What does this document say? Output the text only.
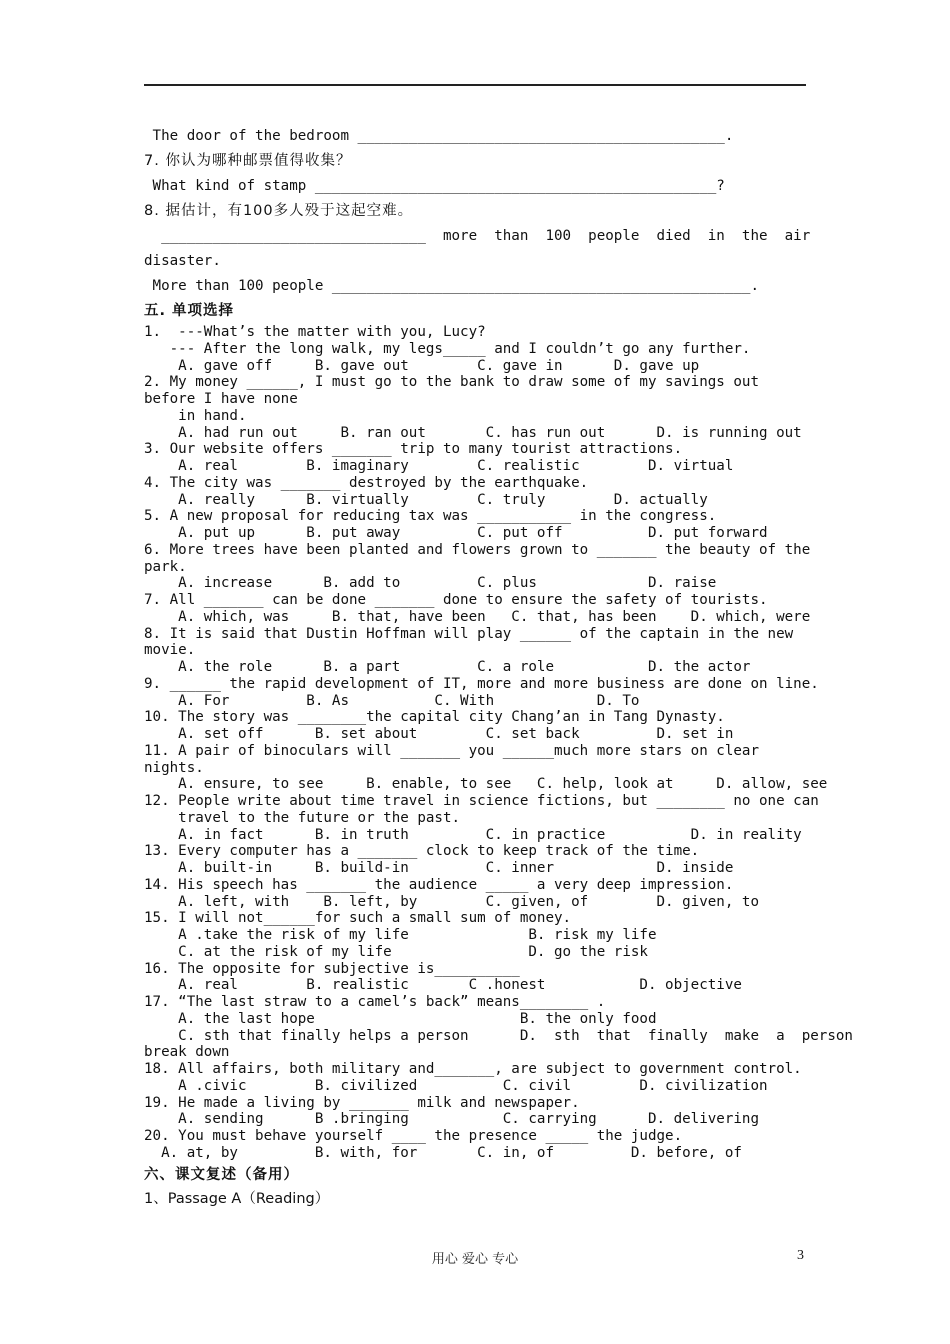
The door of the bedroom ___________________________________________.
7. 你认为哪种邮票值得收集？
What kind of stamp _______________________________________________?
8. 据估计，有100多人殁于这起空难。
_______________________________  more  than  100  people  died  in  the  air
disaster.
More than 100 people _________________________________________________.
五. 单项选择
1.  ---What’s the matter with you, Lucy?
--- After the long walk, my legs_____ and I couldn’t go any further.
A. gave off     B. gave out        C. gave in      D. gave up
2. My money ______, I must go to the bank to draw some of my savings out
before I have none
in hand.
A. had run out     B. ran out       C. has run out      D. is running out
3. Our website offers _______ trip to many tourist attractions.
A. real        B. imaginary        C. realistic        D. virtual
4. The city was _______ destroyed by the earthquake.
A. really      B. virtually        C. truly        D. actually
5. A new proposal for reducing tax was ___________ in the congress.
A. put up      B. put away         C. put off          D. put forward
6. More trees have been planted and flowers grown to _______ the beauty of the
park.
A. increase      B. add to         C. plus             D. raise
7. All _______ can be done _______ done to ensure the safety of tourists.
A. which, was     B. that, have been   C. that, has been    D. which, were
8. It is said that Dustin Hoffman will play ______ of the captain in the new
movie.
A. the role      B. a part         C. a role           D. the actor
9. ______ the rapid development of IT, more and more business are done on line.
A. For         B. As          C. With            D. To
10. The story was ________the capital city Chang’an in Tang Dynasty.
A. set off      B. set about        C. set back         D. set in
11. A pair of binoculars will _______ you ______much more stars on clear
nights.
A. ensure, to see     B. enable, to see   C. help, look at     D. allow, see
12. People write about time travel in science fictions, but ________ no one can
travel to the future or the past.
A. in fact      B. in truth         C. in practice          D. in reality
13. Every computer has a _______ clock to keep track of the time.
A. built-in     B. build-in         C. inner            D. inside
14. His speech has _______ the audience _____ a very deep impression.
A. left, with    B. left, by        C. given, of        D. given, to
15. I will not______for such a small sum of money.
A .take the risk of my life              B. risk my life
C. at the risk of my life                D. go the risk
16. The opposite for subjective is__________
A. real        B. realistic       C .honest           D. objective
17. “The last straw to a camel’s back” means________ .
A. the last hope                        B. the only food
C. sth that finally helps a person      D.  sth  that  finally  make  a  person
break down
18. All affairs, both military and_______, are subject to government control.
A .civic        B. civilized          C. civil        D. civilization
19. He made a living by _______ milk and newspaper.
A. sending      B .bringing           C. carrying      D. delivering
20. You must behave yourself ____ the presence _____ the judge.
A. at, by         B. with, for       C. in, of         D. before, of
六、课文复述（备用）
1、Passage A（Reading）
用心 爱心 专心	3
